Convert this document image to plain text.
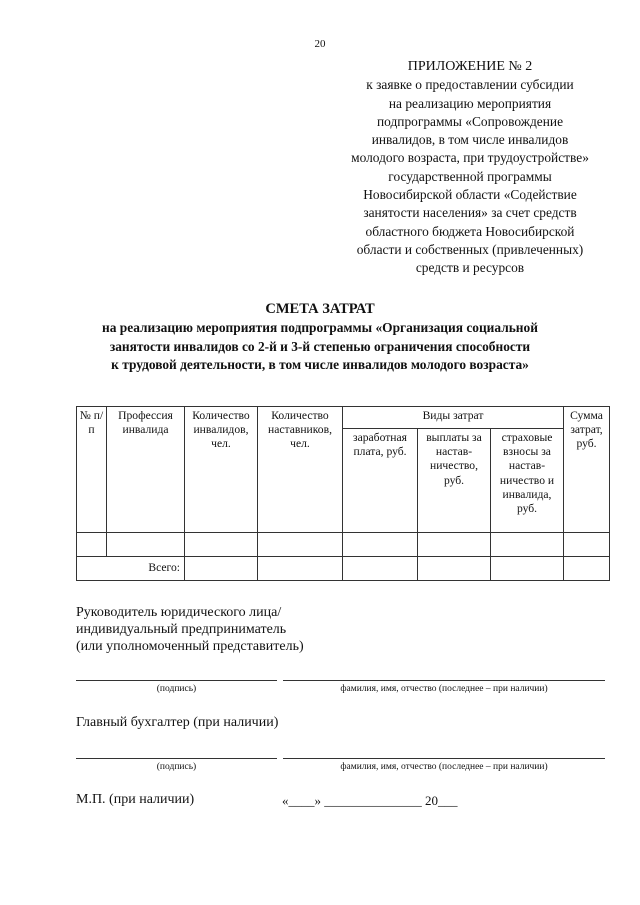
20
ПРИЛОЖЕНИЕ № 2
к заявке о предоставлении субсидии
на реализацию мероприятия
подпрограммы «Сопровождение
инвалидов, в том числе инвалидов
молодого возраста, при трудоустройстве»
государственной программы
Новосибирской области «Содействие
занятости населения» за счет средств
областного бюджета Новосибирской
области и собственных (привлеченных)
средств и ресурсов
СМЕТА ЗАТРАТ
на реализацию мероприятия подпрограммы «Организация социальной
занятости инвалидов со 2-й и 3-й степенью ограничения способности
к трудовой деятельности, в том числе инвалидов молодого возраста»
№ п/п	Профессия инвалида	Количество инвалидов, чел.	Количество наставников, чел.	Виды затрат			Сумма затрат, руб.
				заработная плата, руб.	выплаты за настав-ничество, руб.	страховые взносы за настав-ничество и инвалида, руб.	

Всего:							
Руководитель юридического лица/
индивидуальный предприниматель
(или уполномоченный представитель)
(подпись)	фамилия, имя, отчество (последнее – при наличии)
Главный бухгалтер (при наличии)
(подпись)	фамилия, имя, отчество (последнее – при наличии)
М.П. (при наличии)	«____» _______________ 20___
